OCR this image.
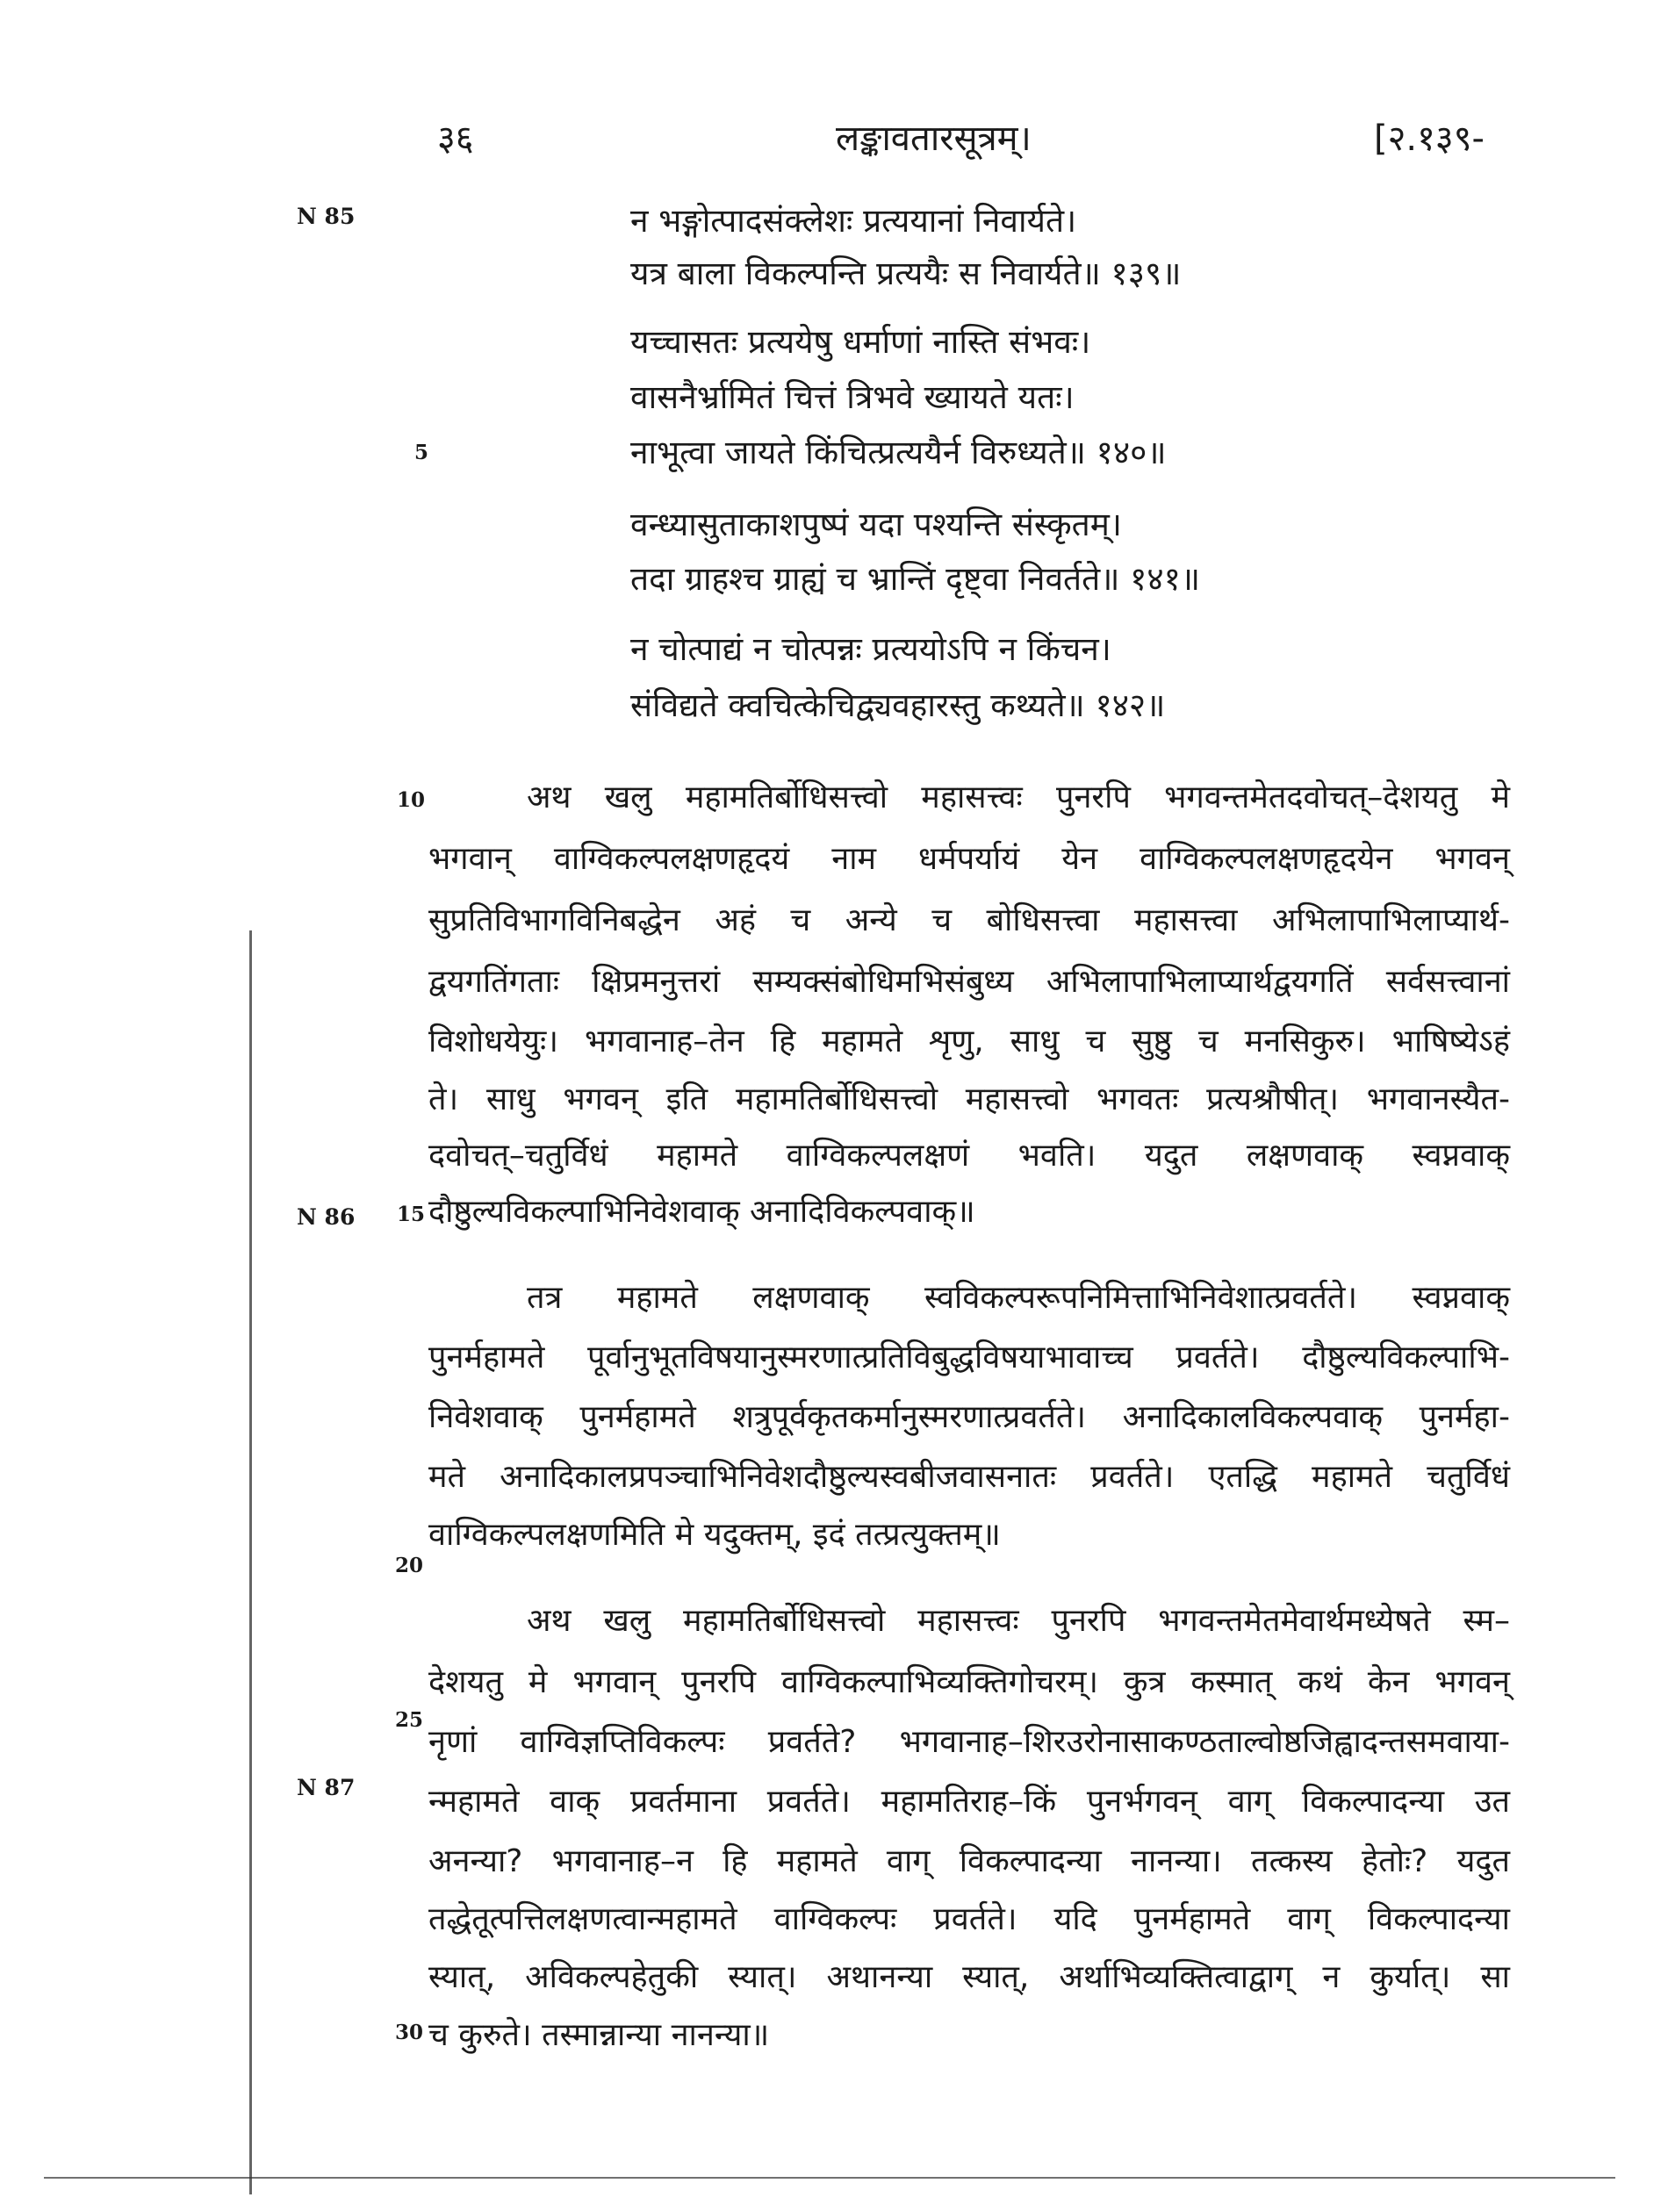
३६	लङ्कावतारसूत्रम्।	[२.१३९-
N 85
N 86
N 87
5
10
15
20
25
30
न भङ्गोत्पादसंक्लेशः प्रत्ययानां निवार्यते।
यत्र बाला विकल्पन्ति प्रत्ययैः स निवार्यते॥ १३९॥
यच्चासतः प्रत्ययेषु धर्माणां नास्ति संभवः।
वासनैर्भ्रामितं चित्तं त्रिभवे ख्यायते यतः।
नाभूत्वा जायते किंचित्प्रत्ययैर्न विरुध्यते॥ १४०॥
वन्ध्यासुताकाशपुष्पं यदा पश्यन्ति संस्कृतम्।
तदा ग्राहश्च ग्राह्यं च भ्रान्तिं दृष्ट्वा निवर्तते॥ १४१॥
न चोत्पाद्यं न चोत्पन्नः प्रत्ययोऽपि न किंचन।
संविद्यते क्वचित्केचिद्व्यवहारस्तु कथ्यते॥ १४२॥
अथ खलु महामतिर्बोधिसत्त्वो महासत्त्वः पुनरपि भगवन्तमेतदवोचत्–देशयतु मे
भगवान् वाग्विकल्पलक्षणहृदयं नाम धर्मपर्यायं येन वाग्विकल्पलक्षणहृदयेन भगवन्
सुप्रतिविभागविनिबद्धेन अहं च अन्ये च बोधिसत्त्वा महासत्त्वा अभिलापाभिलाप्यार्थ-
द्वयगतिंगताः क्षिप्रमनुत्तरां सम्यक्संबोधिमभिसंबुध्य अभिलापाभिलाप्यार्थद्वयगतिं सर्वसत्त्वानां
विशोधयेयुः। भगवानाह–तेन हि महामते शृणु, साधु च सुष्ठु च मनसिकुरु। भाषिष्येऽहं
ते। साधु भगवन् इति महामतिर्बोधिसत्त्वो महासत्त्वो भगवतः प्रत्यश्रौषीत्। भगवानस्यैत-
दवोचत्–चतुर्विधं महामते वाग्विकल्पलक्षणं भवति। यदुत लक्षणवाक् स्वप्नवाक्
दौष्ठुल्यविकल्पाभिनिवेशवाक् अनादिविकल्पवाक्॥
तत्र महामते लक्षणवाक् स्वविकल्परूपनिमित्ताभिनिवेशात्प्रवर्तते। स्वप्नवाक्
पुनर्महामते पूर्वानुभूतविषयानुस्मरणात्प्रतिविबुद्धविषयाभावाच्च प्रवर्तते। दौष्ठुल्यविकल्पाभि-
निवेशवाक् पुनर्महामते शत्रुपूर्वकृतकर्मानुस्मरणात्प्रवर्तते। अनादिकालविकल्पवाक् पुनर्महा-
मते अनादिकालप्रपञ्चाभिनिवेशदौष्ठुल्यस्वबीजवासनातः प्रवर्तते। एतद्धि महामते चतुर्विधं
वाग्विकल्पलक्षणमिति मे यदुक्तम्, इदं तत्प्रत्युक्तम्॥
अथ खलु महामतिर्बोधिसत्त्वो महासत्त्वः पुनरपि भगवन्तमेतमेवार्थमध्येषते स्म–
देशयतु मे भगवान् पुनरपि वाग्विकल्पाभिव्यक्तिगोचरम्। कुत्र कस्मात् कथं केन भगवन्
नृणां वाग्विज्ञप्तिविकल्पः प्रवर्तते? भगवानाह–शिरउरोनासाकण्ठताल्वोष्ठजिह्वादन्तसमवाया-
न्महामते वाक् प्रवर्तमाना प्रवर्तते। महामतिराह–किं पुनर्भगवन् वाग् विकल्पादन्या उत
अनन्या? भगवानाह–न हि महामते वाग् विकल्पादन्या नानन्या। तत्कस्य हेतोः? यदुत
तद्धेतूत्पत्तिलक्षणत्वान्महामते वाग्विकल्पः प्रवर्तते। यदि पुनर्महामते वाग् विकल्पादन्या
स्यात्, अविकल्पहेतुकी स्यात्। अथानन्या स्यात्, अर्थाभिव्यक्तित्वाद्वाग् न कुर्यात्। सा
च कुरुते। तस्मान्नान्या नानन्या॥
